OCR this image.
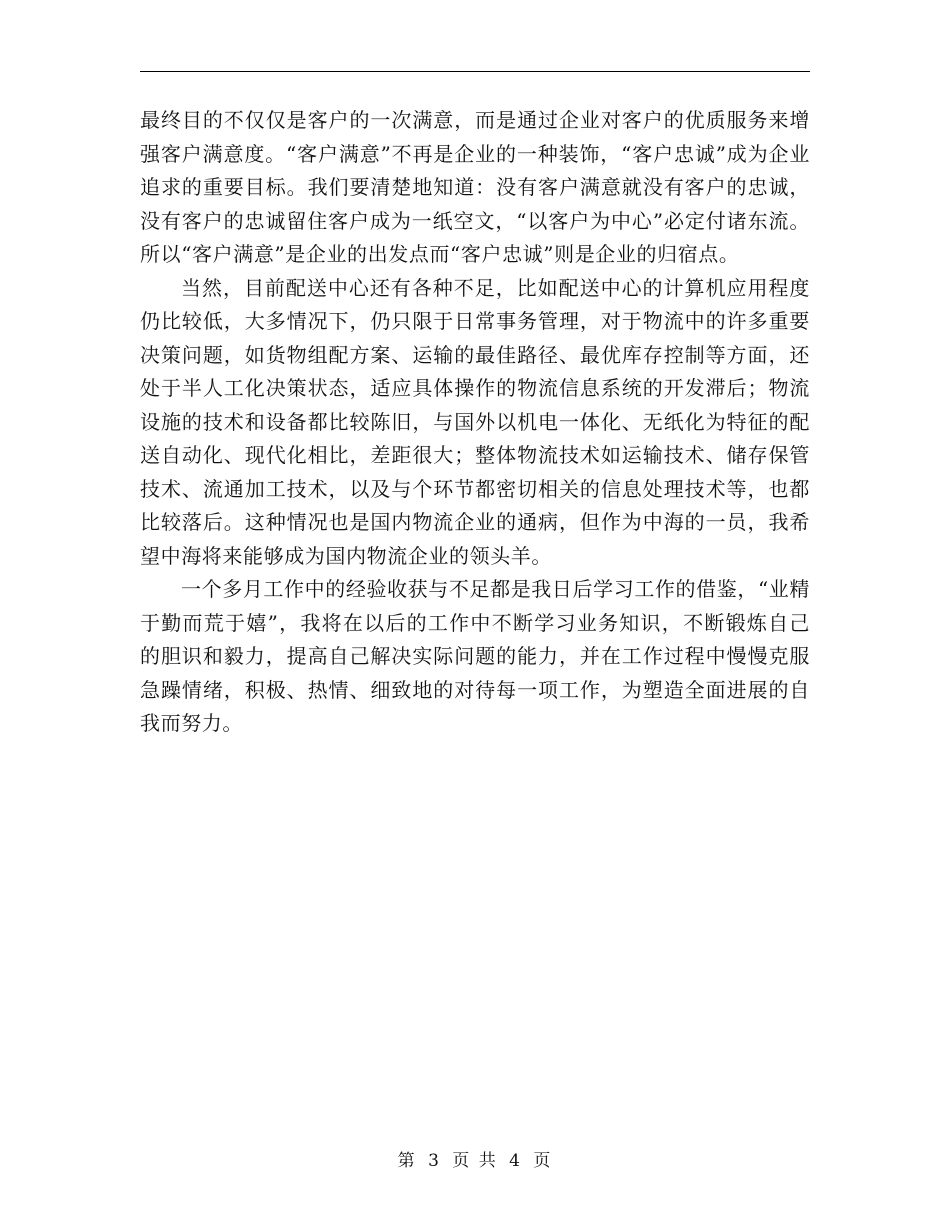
最终目的不仅仅是客户的一次满意，而是通过企业对客户的优质服务来增强客户满意度。“客户满意”不再是企业的一种装饰，“客户忠诚”成为企业追求的重要目标。我们要清楚地知道：没有客户满意就没有客户的忠诚，没有客户的忠诚留住客户成为一纸空文，“以客户为中心”必定付诸东流。所以“客户满意”是企业的出发点而“客户忠诚”则是企业的归宿点。

当然，目前配送中心还有各种不足，比如配送中心的计算机应用程度仍比较低，大多情况下，仍只限于日常事务管理，对于物流中的许多重要决策问题，如货物组配方案、运输的最佳路径、最优库存控制等方面，还处于半人工化决策状态，适应具体操作的物流信息系统的开发滞后；物流设施的技术和设备都比较陈旧，与国外以机电一体化、无纸化为特征的配送自动化、现代化相比，差距很大；整体物流技术如运输技术、储存保管技术、流通加工技术，以及与个环节都密切相关的信息处理技术等，也都比较落后。这种情况也是国内物流企业的通病，但作为中海的一员，我希望中海将来能够成为国内物流企业的领头羊。

一个多月工作中的经验收获与不足都是我日后学习工作的借鉴，“业精于勤而荒于嬉”，我将在以后的工作中不断学习业务知识，不断锻炼自己的胆识和毅力，提高自己解决实际问题的能力，并在工作过程中慢慢克服急躁情绪，积极、热情、细致地的对待每一项工作，为塑造全面进展的自我而努力。

第 3 页 共 4 页
